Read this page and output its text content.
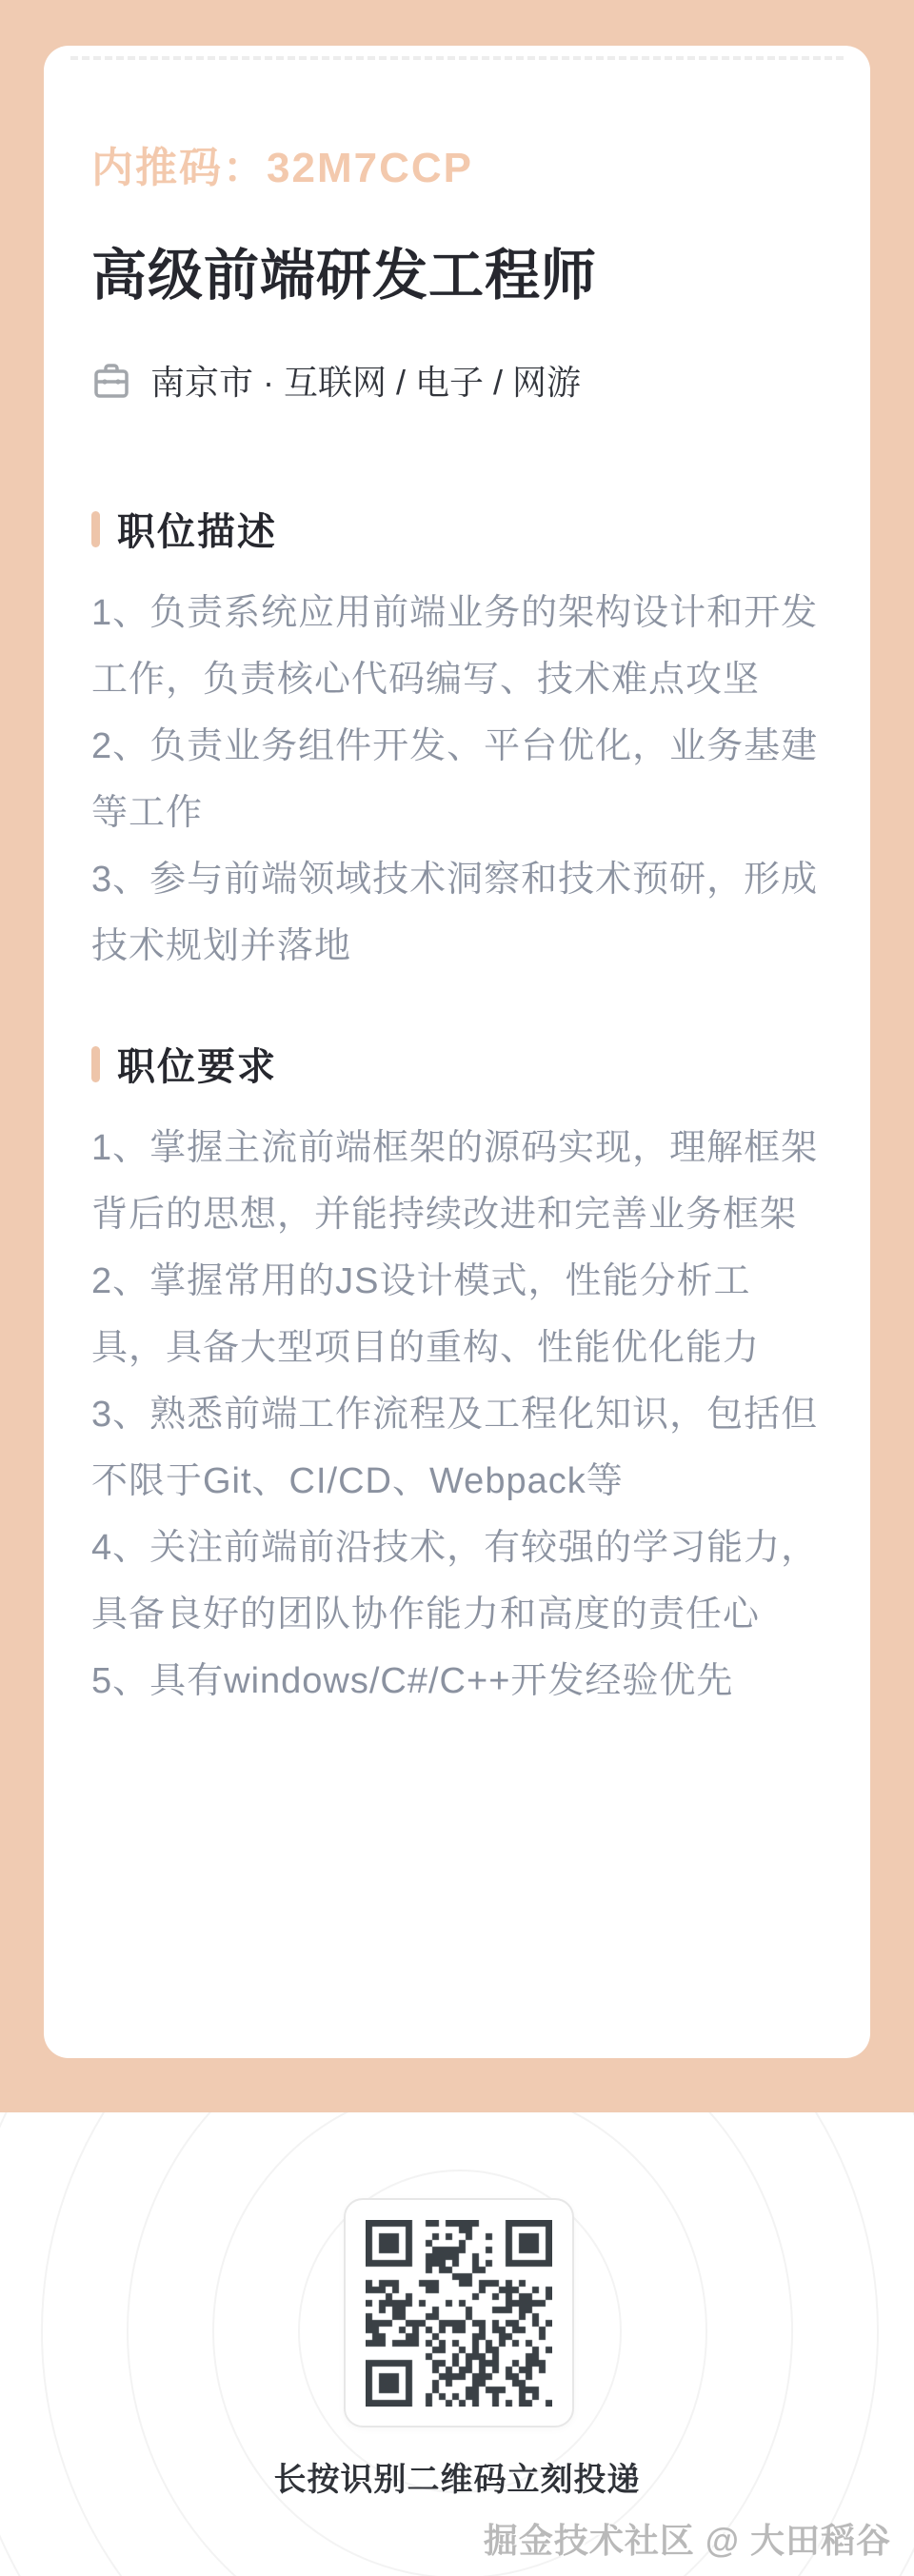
内推码：32M7CCP
高级前端研发工程师
南京市 · 互联网 / 电子 / 网游
职位描述

1、负责系统应用前端业务的架构设计和开发工作，负责核心代码编写、技术难点攻坚

2、负责业务组件开发、平台优化，业务基建等工作

3、参与前端领域技术洞察和技术预研，形成技术规划并落地

职位要求

1、掌握主流前端框架的源码实现，理解框架背后的思想，并能持续改进和完善业务框架

2、掌握常用的JS设计模式，性能分析工具，具备大型项目的重构、性能优化能力

3、熟悉前端工作流程及工程化知识，包括但不限于Git、CI/CD、Webpack等

4、关注前端前沿技术，有较强的学习能力，具备良好的团队协作能力和高度的责任心

5、具有windows/C#/C++开发经验优先

长按识别二维码立刻投递
掘金技术社区 @ 大田稻谷
